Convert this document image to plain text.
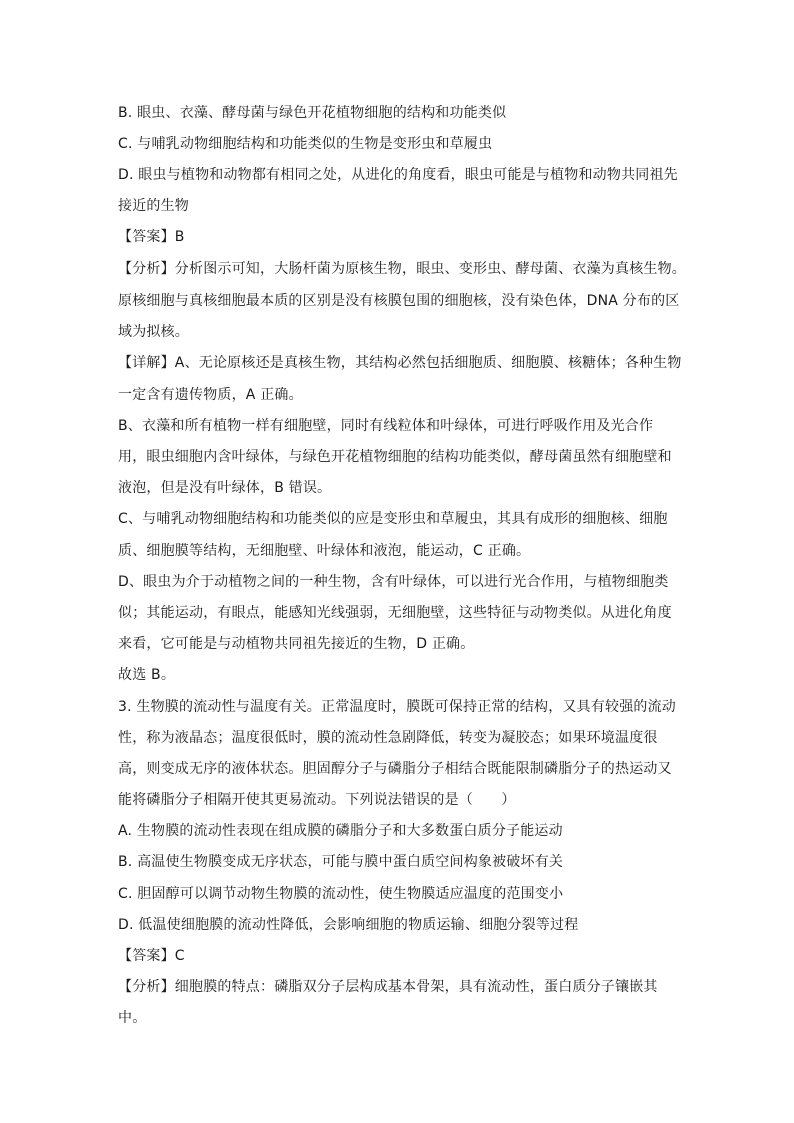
B. 眼虫、衣藻、酵母菌与绿色开花植物细胞的结构和功能类似
C. 与哺乳动物细胞结构和功能类似的生物是变形虫和草履虫
D. 眼虫与植物和动物都有相同之处，从进化的角度看，眼虫可能是与植物和动物共同祖先
接近的生物
【答案】B
【分析】分析图示可知，大肠杆菌为原核生物，眼虫、变形虫、酵母菌、衣藻为真核生物。
原核细胞与真核细胞最本质的区别是没有核膜包围的细胞核，没有染色体，DNA 分布的区
域为拟核。
【详解】A、无论原核还是真核生物，其结构必然包括细胞质、细胞膜、核糖体；各种生物
一定含有遗传物质，A 正确。
B、衣藻和所有植物一样有细胞壁，同时有线粒体和叶绿体，可进行呼吸作用及光合作
用，眼虫细胞内含叶绿体，与绿色开花植物细胞的结构功能类似，酵母菌虽然有细胞壁和
液泡，但是没有叶绿体，B 错误。
C、与哺乳动物细胞结构和功能类似的应是变形虫和草履虫，其具有成形的细胞核、细胞
质、细胞膜等结构，无细胞壁、叶绿体和液泡，能运动，C 正确。
D、眼虫为介于动植物之间的一种生物，含有叶绿体，可以进行光合作用，与植物细胞类
似；其能运动，有眼点，能感知光线强弱，无细胞壁，这些特征与动物类似。从进化角度
来看，它可能是与动植物共同祖先接近的生物，D 正确。
故选 B。
3. 生物膜的流动性与温度有关。正常温度时，膜既可保持正常的结构，又具有较强的流动
性，称为液晶态；温度很低时，膜的流动性急剧降低，转变为凝胶态；如果环境温度很
高，则变成无序的液体状态。胆固醇分子与磷脂分子相结合既能限制磷脂分子的热运动又
能将磷脂分子相隔开使其更易流动。下列说法错误的是（　　）
A. 生物膜的流动性表现在组成膜的磷脂分子和大多数蛋白质分子能运动
B. 高温使生物膜变成无序状态，可能与膜中蛋白质空间构象被破坏有关
C. 胆固醇可以调节动物生物膜的流动性，使生物膜适应温度的范围变小
D. 低温使细胞膜的流动性降低，会影响细胞的物质运输、细胞分裂等过程
【答案】C
【分析】细胞膜的特点：磷脂双分子层构成基本骨架，具有流动性，蛋白质分子镶嵌其
中。
